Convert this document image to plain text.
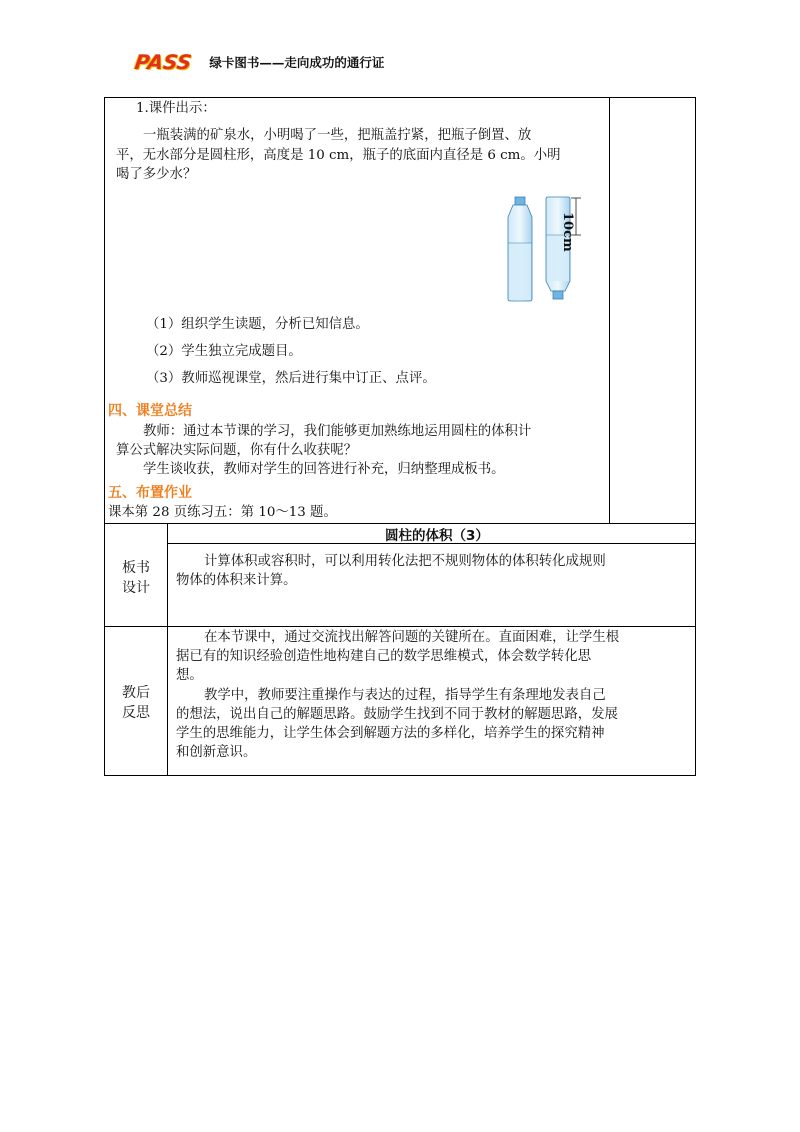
PASS 绿卡图书——走向成功的通行证
1.课件出示：
一瓶装满的矿泉水，小明喝了一些，把瓶盖拧紧，把瓶子倒置、放
平，无水部分是圆柱形，高度是 10 cm，瓶子的底面内直径是 6 cm。小明
喝了多少水？
10cm
（1）组织学生读题，分析已知信息。
（2）学生独立完成题目。
（3）教师巡视课堂，然后进行集中订正、点评。
四、课堂总结
教师：通过本节课的学习，我们能够更加熟练地运用圆柱的体积计
算公式解决实际问题，你有什么收获呢？
学生谈收获，教师对学生的回答进行补充，归纳整理成板书。
五、布置作业
课本第 28 页练习五：第 10～13 题。
圆柱的体积（3）
板书
设计
计算体积或容积时，可以利用转化法把不规则物体的体积转化成规则
物体的体积来计算。
教后
反思
在本节课中，通过交流找出解答问题的关键所在。直面困难，让学生根
据已有的知识经验创造性地构建自己的数学思维模式，体会数学转化思
想。
教学中，教师要注重操作与表达的过程，指导学生有条理地发表自己
的想法，说出自己的解题思路。鼓励学生找到不同于教材的解题思路，发展
学生的思维能力，让学生体会到解题方法的多样化，培养学生的探究精神
和创新意识。
